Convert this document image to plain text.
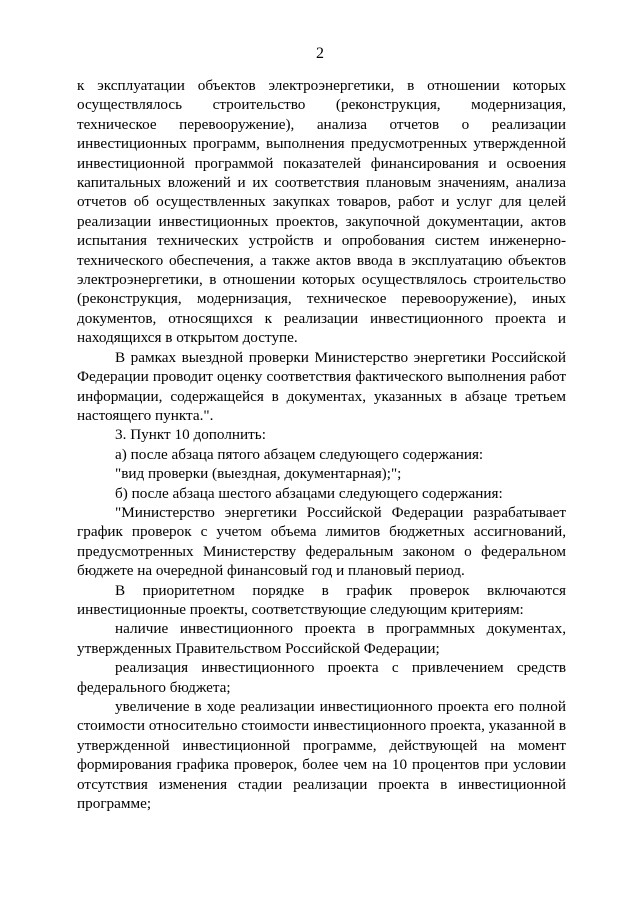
2

к эксплуатации объектов электроэнергетики, в отношении которых осуществлялось строительство (реконструкция, модернизация, техническое перевооружение), анализа отчетов о реализации инвестиционных программ, выполнения предусмотренных утвержденной инвестиционной программой показателей финансирования и освоения капитальных вложений и их соответствия плановым значениям, анализа отчетов об осуществленных закупках товаров, работ и услуг для целей реализации инвестиционных проектов, закупочной документации, актов испытания технических устройств и опробования систем инженерно-технического обеспечения, а также актов ввода в эксплуатацию объектов электроэнергетики, в отношении которых осуществлялось строительство (реконструкция, модернизация, техническое перевооружение), иных документов, относящихся к реализации инвестиционного проекта и находящихся в открытом доступе.

В рамках выездной проверки Министерство энергетики Российской Федерации проводит оценку соответствия фактического выполнения работ информации, содержащейся в документах, указанных в абзаце третьем настоящего пункта.".

3. Пункт 10 дополнить:

а) после абзаца пятого абзацем следующего содержания:

"вид проверки (выездная, документарная);";

б) после абзаца шестого абзацами следующего содержания:

"Министерство энергетики Российской Федерации разрабатывает график проверок с учетом объема лимитов бюджетных ассигнований, предусмотренных Министерству федеральным законом о федеральном бюджете на очередной финансовый год и плановый период.

В приоритетном порядке в график проверок включаются инвестиционные проекты, соответствующие следующим критериям:

наличие инвестиционного проекта в программных документах, утвержденных Правительством Российской Федерации;

реализация инвестиционного проекта с привлечением средств федерального бюджета;

увеличение в ходе реализации инвестиционного проекта его полной стоимости относительно стоимости инвестиционного проекта, указанной в утвержденной инвестиционной программе, действующей на момент формирования графика проверок, более чем на 10 процентов при условии отсутствия изменения стадии реализации проекта в инвестиционной программе;
